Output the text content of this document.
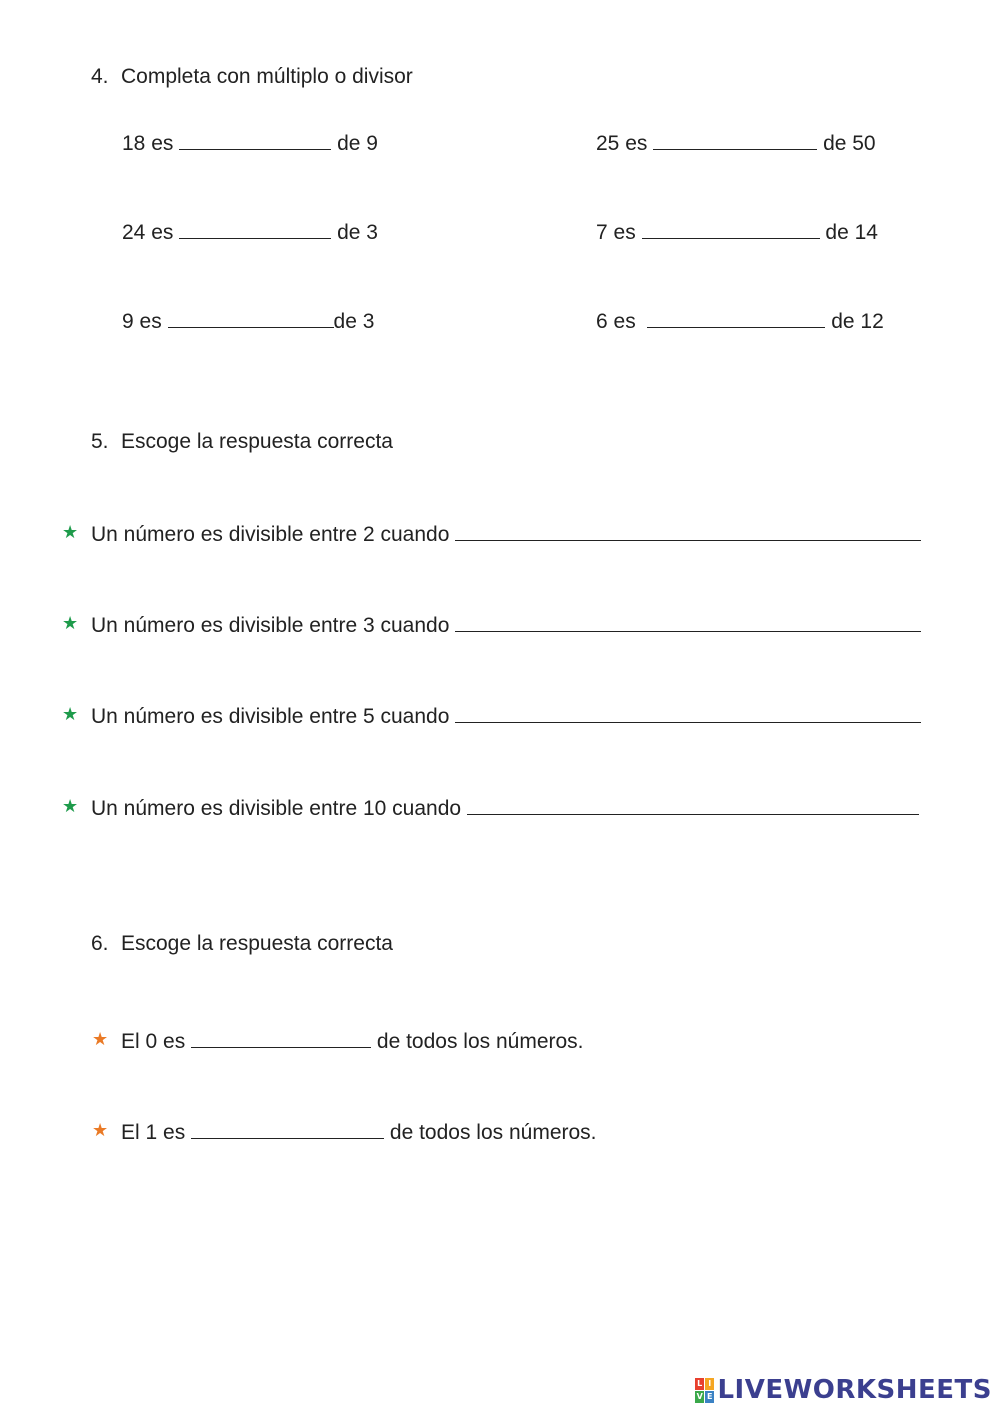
4. Completa con múltiplo o divisor
18 es	de 9	25 es	de 50
24 es	de 3	7 es	de 14
9 es	de 3	6 es	de 12
5. Escoge la respuesta correcta
★ Un número es divisible entre 2 cuando
★ Un número es divisible entre 3 cuando
★ Un número es divisible entre 5 cuando
★ Un número es divisible entre 10 cuando
6. Escoge la respuesta correcta
★ El 0 es	de todos los números.
★ El 1 es	de todos los números.
L I
V E LIVEWORKSHEETS
